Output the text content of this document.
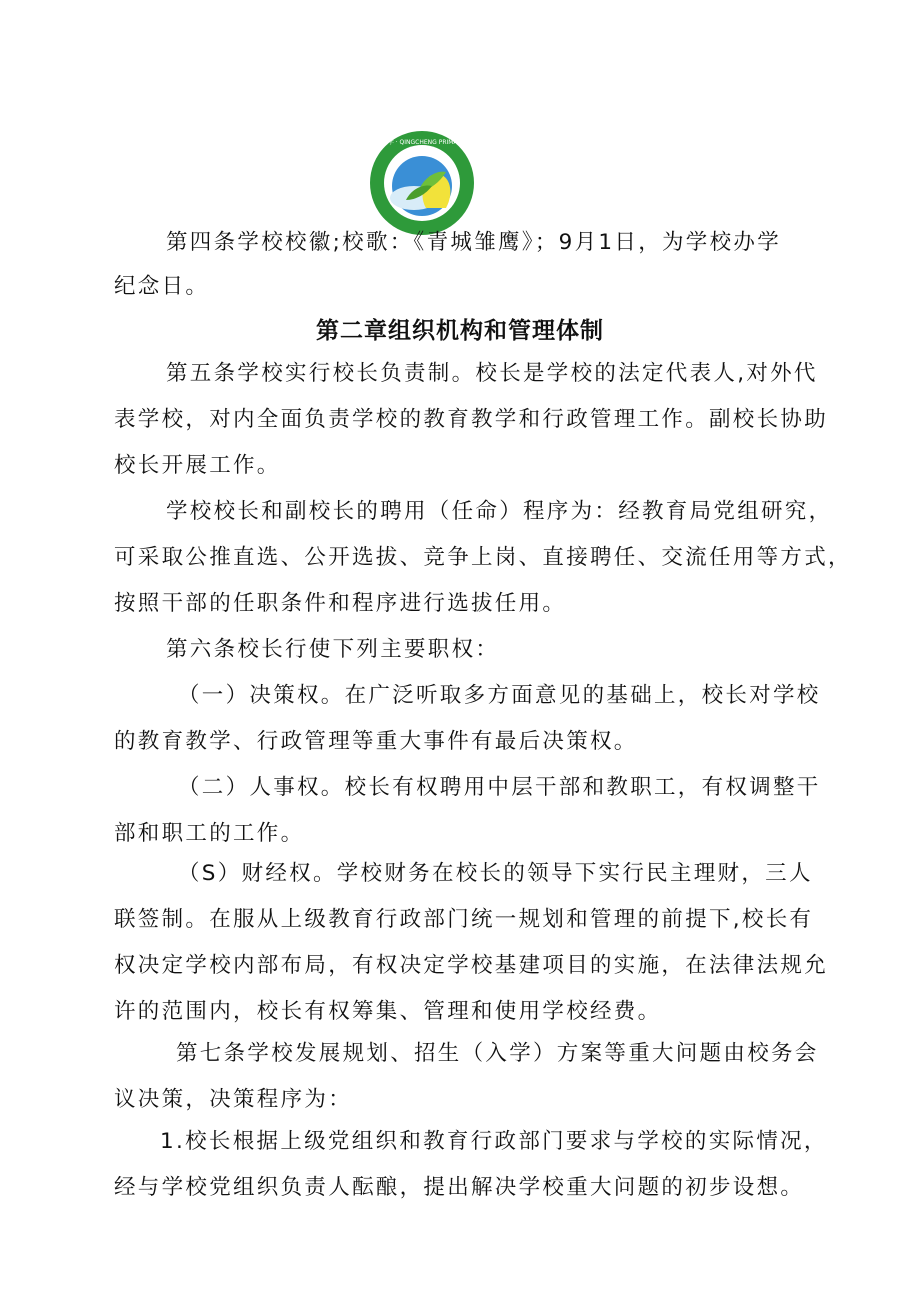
金牛区青城小学 · QINGCHENG PRIMARY SCHOOL
第四条学校校徽;校歌：《青城雏鹰》；9月1日，为学校办学
纪念日。
第二章组织机构和管理体制
第五条学校实行校长负责制。校长是学校的法定代表人,对外代
表学校，对内全面负责学校的教育教学和行政管理工作。副校长协助
校长开展工作。
学校校长和副校长的聘用（任命）程序为：经教育局党组研究，
可采取公推直选、公开选拔、竞争上岗、直接聘任、交流任用等方式，
按照干部的任职条件和程序进行选拔任用。
第六条校长行使下列主要职权：
（一）决策权。在广泛听取多方面意见的基础上，校长对学校
的教育教学、行政管理等重大事件有最后决策权。
（二）人事权。校长有权聘用中层干部和教职工，有权调整干
部和职工的工作。
（S）财经权。学校财务在校长的领导下实行民主理财，三人
联签制。在服从上级教育行政部门统一规划和管理的前提下,校长有
权决定学校内部布局，有权决定学校基建项目的实施，在法律法规允
许的范围内，校长有权筹集、管理和使用学校经费。
第七条学校发展规划、招生（入学）方案等重大问题由校务会
议决策，决策程序为：
1.校长根据上级党组织和教育行政部门要求与学校的实际情况，
经与学校党组织负责人酝酿，提出解决学校重大问题的初步设想。
